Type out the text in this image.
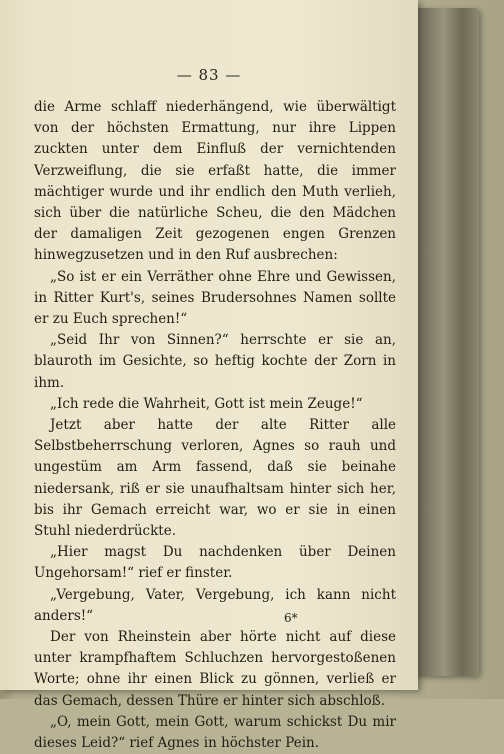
— 83 —

die Arme schlaff niederhängend, wie überwältigt von der höchsten Ermattung, nur ihre Lippen zuckten unter dem Einfluß der vernichtenden Verzweiflung, die sie erfaßt hatte, die immer mächtiger wurde und ihr endlich den Muth verlieh, sich über die natürliche Scheu, die den Mädchen der damaligen Zeit gezogenen engen Grenzen hinwegzusetzen und in den Ruf ausbrechen:

„So ist er ein Verräther ohne Ehre und Gewissen, in Ritter Kurt's, seines Brudersohnes Namen sollte er zu Euch sprechen!“

„Seid Ihr von Sinnen?“ herrschte er sie an, blauroth im Gesichte, so heftig kochte der Zorn in ihm.

„Ich rede die Wahrheit, Gott ist mein Zeuge!“

Jetzt aber hatte der alte Ritter alle Selbstbeherrschung verloren, Agnes so rauh und ungestüm am Arm fassend, daß sie beinahe niedersank, riß er sie unaufhaltsam hinter sich her, bis ihr Gemach erreicht war, wo er sie in einen Stuhl niederdrückte.

„Hier magst Du nachdenken über Deinen Ungehorsam!“ rief er finster.

„Vergebung, Vater, Vergebung, ich kann nicht anders!“

Der von Rheinstein aber hörte nicht auf diese unter krampfhaftem Schluchzen hervorgestoßenen Worte; ohne ihr einen Blick zu gönnen, verließ er das Gemach, dessen Thüre er hinter sich abschloß.

„O, mein Gott, mein Gott, warum schickst Du mir dieses Leid?“ rief Agnes in höchster Pein.

6*
